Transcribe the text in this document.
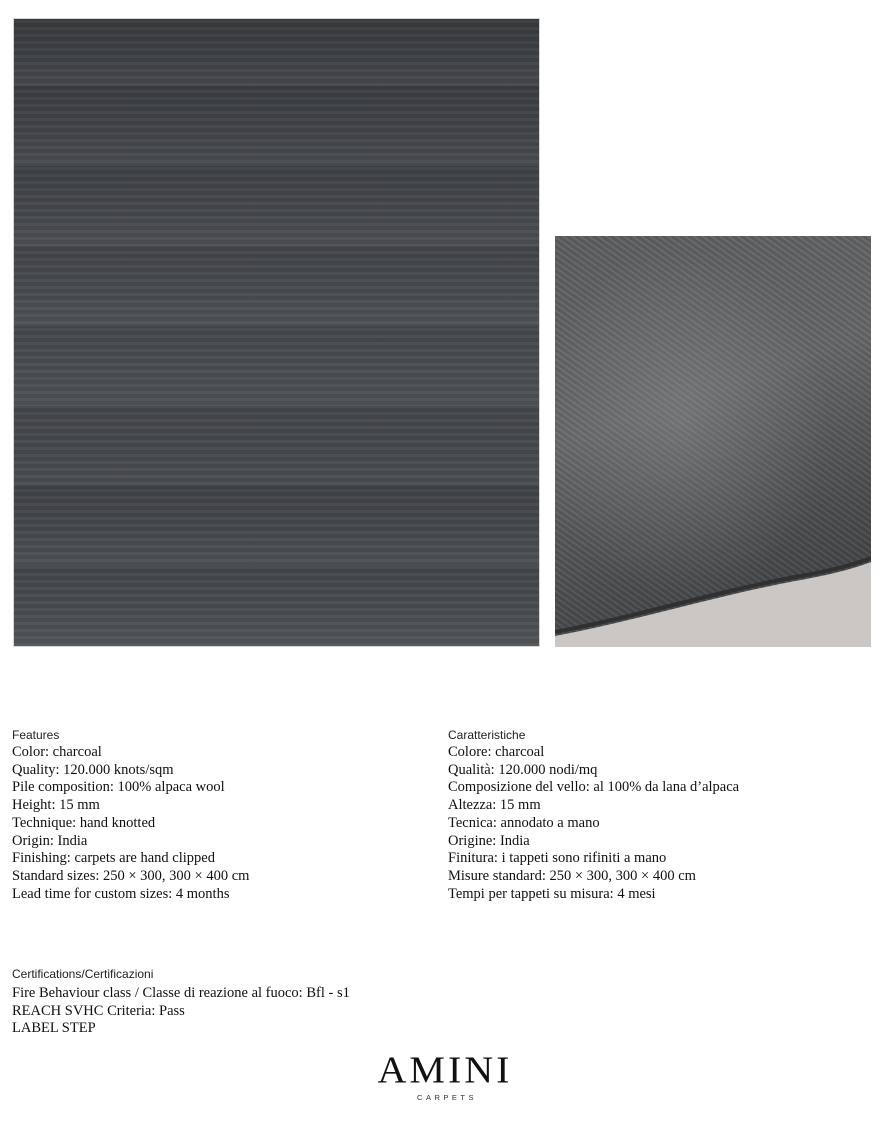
Features
Color: charcoal
Quality: 120.000 knots/sqm
Pile composition: 100% alpaca wool
Height: 15 mm
Technique: hand knotted
Origin: India
Finishing: carpets are hand clipped
Standard sizes: 250 × 300, 300 × 400 cm
Lead time for custom sizes: 4 months
Caratteristiche
Colore: charcoal
Qualità: 120.000 nodi/mq
Composizione del vello: al 100% da lana d’alpaca
Altezza: 15 mm
Tecnica: annodato a mano
Origine: India
Finitura: i tappeti sono rifiniti a mano
Misure standard: 250 × 300, 300 × 400 cm
Tempi per tappeti su misura: 4 mesi
Certifications/Certificazioni
Fire Behaviour class / Classe di reazione al fuoco: Bfl - s1
REACH SVHC Criteria: Pass
LABEL STEP
AMINI
CARPETS
